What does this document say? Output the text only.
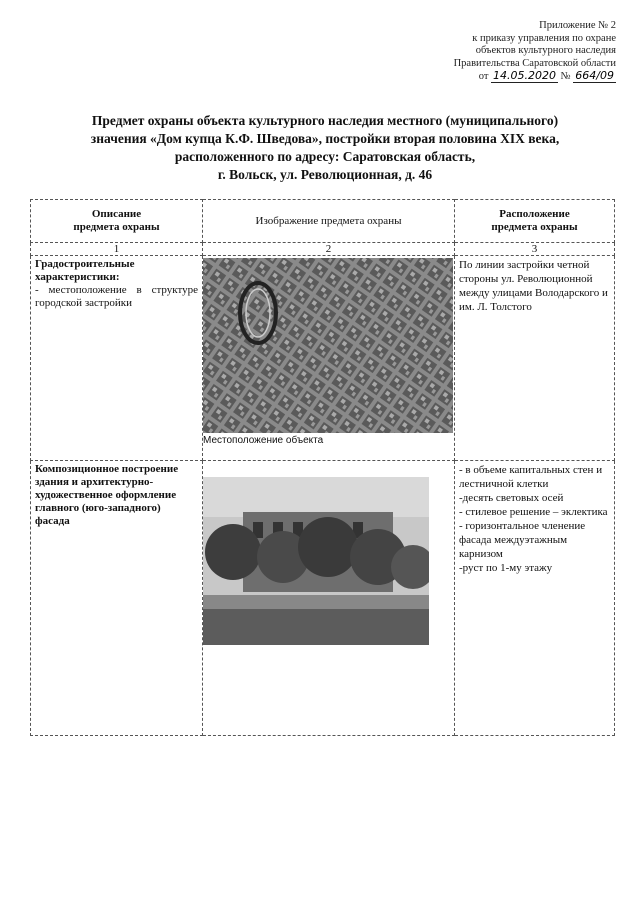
Приложение № 2
к приказу управления по охране
объектов культурного наследия
Правительства Саратовской области
от 14.05.2020 № 664/09
Предмет охраны объекта культурного наследия местного (муниципального)
значения «Дом купца К.Ф. Шведова», постройки вторая половина XIX века,
расположенного по адресу: Саратовская область,
г. Вольск, ул. Революционная, д. 46
Описание
предмета охраны	Изображение предмета охраны	Расположение
предмета охраны
1	2	3

Градостроительные
характеристики:
- местоположение в структуре городской застройки	Местоположение объекта	По линии застройки четной стороны ул. Революционной между улицами Володарского и им. Л. Толстого

Композиционное построение здания и архитектурно-художественное оформление главного (юго-западного) фасада		- в объеме капитальных стен и лестничной клетки
-десять световых осей
- стилевое решение – эклектика
- горизонтальное членение фасада междуэтажным карнизом
-руст по 1-му этажу
